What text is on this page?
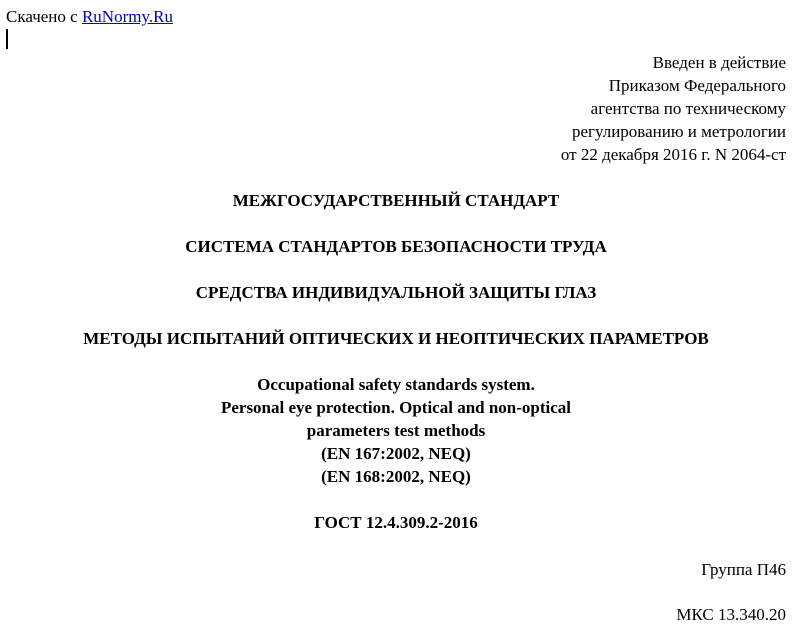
Скачено с RuNormy.Ru
Введен в действие
Приказом Федерального
агентства по техническому
регулированию и метрологии
от 22 декабря 2016 г. N 2064-ст
МЕЖГОСУДАРСТВЕННЫЙ СТАНДАРТ
СИСТЕМА СТАНДАРТОВ БЕЗОПАСНОСТИ ТРУДА
СРЕДСТВА ИНДИВИДУАЛЬНОЙ ЗАЩИТЫ ГЛАЗ
МЕТОДЫ ИСПЫТАНИЙ ОПТИЧЕСКИХ И НЕОПТИЧЕСКИХ ПАРАМЕТРОВ
Occupational safety standards system.
Personal eye protection. Optical and non-optical
parameters test methods
(EN 167:2002, NEQ)
(EN 168:2002, NEQ)
ГОСТ 12.4.309.2-2016
Группа П46
МКС 13.340.20
